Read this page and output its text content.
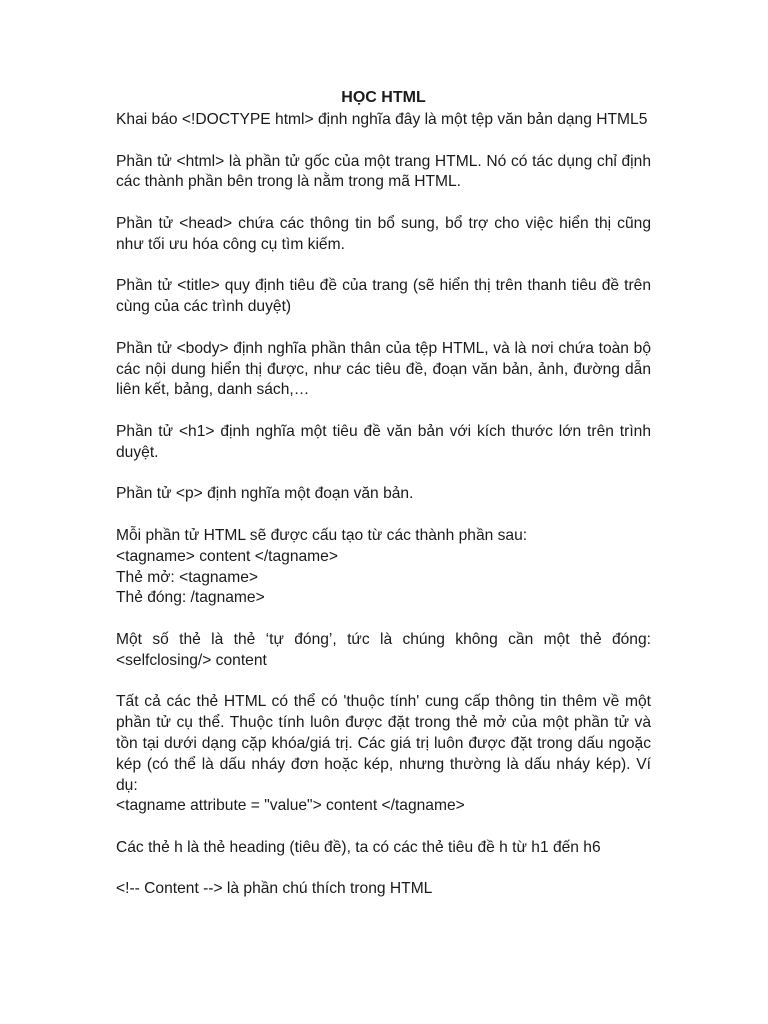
HỌC HTML
Khai báo <!DOCTYPE html> định nghĩa đây là một tệp văn bản dạng HTML5
Phần tử <html> là phần tử gốc của một trang HTML. Nó có tác dụng chỉ định các thành phần bên trong là nằm trong mã HTML.
Phần tử <head> chứa các thông tin bổ sung, bổ trợ cho việc hiển thị cũng như tối ưu hóa công cụ tìm kiếm.
Phần tử <title> quy định tiêu đề của trang (sẽ hiển thị trên thanh tiêu đề trên cùng của các trình duyệt)
Phần tử <body> định nghĩa phần thân của tệp HTML, và là nơi chứa toàn bộ các nội dung hiển thị được, như các tiêu đề, đoạn văn bản, ảnh, đường dẫn liên kết, bảng, danh sách,…
Phần tử <h1> định nghĩa một tiêu đề văn bản với kích thước lớn trên trình duyệt.
Phần tử <p> định nghĩa một đoạn văn bản.
Mỗi phần tử HTML sẽ được cấu tạo từ các thành phần sau:
<tagname> content </tagname>
Thẻ mở: <tagname>
Thẻ đóng: /tagname>
Một số thẻ là thẻ ‘tự đóng’, tức là chúng không cần một thẻ đóng: <selfclosing/> content
Tất cả các thẻ HTML có thể có 'thuộc tính' cung cấp thông tin thêm về một phần tử cụ thể. Thuộc tính luôn được đặt trong thẻ mở của một phần tử và tồn tại dưới dạng cặp khóa/giá trị. Các giá trị luôn được đặt trong dấu ngoặc kép (có thể là dấu nháy đơn hoặc kép, nhưng thường là dấu nháy kép). Ví dụ:
<tagname attribute = "value"> content </tagname>
Các thẻ h là thẻ heading (tiêu đề), ta có các thẻ tiêu đề h từ h1 đến h6
<!-- Content --> là phần chú thích trong HTML
